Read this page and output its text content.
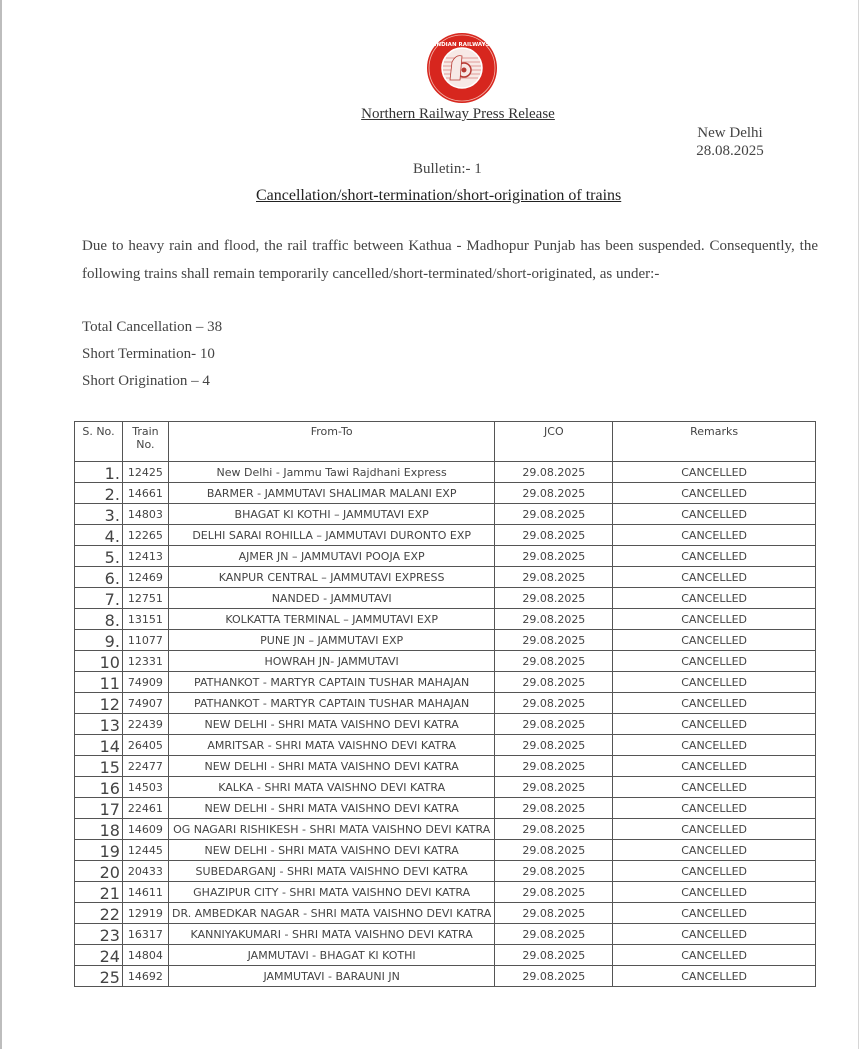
INDIAN RAILWAYS
Northern Railway Press Release
New Delhi
28.08.2025
Bulletin:- 1
Cancellation/short-termination/short-origination of trains
Due to heavy rain and flood, the rail traffic between Kathua - Madhopur Punjab has been suspended. Consequently, the following trains shall remain temporarily cancelled/short-terminated/short-originated, as under:-
Total Cancellation – 38
Short Termination- 10
Short Origination – 4
S. No.	Train No.	From-To	JCO	Remarks
1.	12425	New Delhi - Jammu Tawi Rajdhani Express	29.08.2025	CANCELLED
2.	14661	BARMER - JAMMUTAVI SHALIMAR MALANI EXP	29.08.2025	CANCELLED
3.	14803	BHAGAT KI KOTHI – JAMMUTAVI EXP	29.08.2025	CANCELLED
4.	12265	DELHI SARAI ROHILLA – JAMMUTAVI DURONTO EXP	29.08.2025	CANCELLED
5.	12413	AJMER JN – JAMMUTAVI POOJA EXP	29.08.2025	CANCELLED
6.	12469	KANPUR CENTRAL – JAMMUTAVI EXPRESS	29.08.2025	CANCELLED
7.	12751	NANDED - JAMMUTAVI	29.08.2025	CANCELLED
8.	13151	KOLKATTA TERMINAL – JAMMUTAVI EXP	29.08.2025	CANCELLED
9.	11077	PUNE JN – JAMMUTAVI EXP	29.08.2025	CANCELLED
10	12331	HOWRAH JN- JAMMUTAVI	29.08.2025	CANCELLED
11	74909	PATHANKOT - MARTYR CAPTAIN TUSHAR MAHAJAN	29.08.2025	CANCELLED
12	74907	PATHANKOT - MARTYR CAPTAIN TUSHAR MAHAJAN	29.08.2025	CANCELLED
13	22439	NEW DELHI - SHRI MATA VAISHNO DEVI KATRA	29.08.2025	CANCELLED
14	26405	AMRITSAR - SHRI MATA VAISHNO DEVI KATRA	29.08.2025	CANCELLED
15	22477	NEW DELHI - SHRI MATA VAISHNO DEVI KATRA	29.08.2025	CANCELLED
16	14503	KALKA - SHRI MATA VAISHNO DEVI KATRA	29.08.2025	CANCELLED
17	22461	NEW DELHI - SHRI MATA VAISHNO DEVI KATRA	29.08.2025	CANCELLED
18	14609	OG NAGARI RISHIKESH - SHRI MATA VAISHNO DEVI KATRA	29.08.2025	CANCELLED
19	12445	NEW DELHI - SHRI MATA VAISHNO DEVI KATRA	29.08.2025	CANCELLED
20	20433	SUBEDARGANJ - SHRI MATA VAISHNO DEVI KATRA	29.08.2025	CANCELLED
21	14611	GHAZIPUR CITY - SHRI MATA VAISHNO DEVI KATRA	29.08.2025	CANCELLED
22	12919	DR. AMBEDKAR NAGAR - SHRI MATA VAISHNO DEVI KATRA	29.08.2025	CANCELLED
23	16317	KANNIYAKUMARI - SHRI MATA VAISHNO DEVI KATRA	29.08.2025	CANCELLED
24	14804	JAMMUTAVI - BHAGAT KI KOTHI	29.08.2025	CANCELLED
25	14692	JAMMUTAVI - BARAUNI JN	29.08.2025	CANCELLED
